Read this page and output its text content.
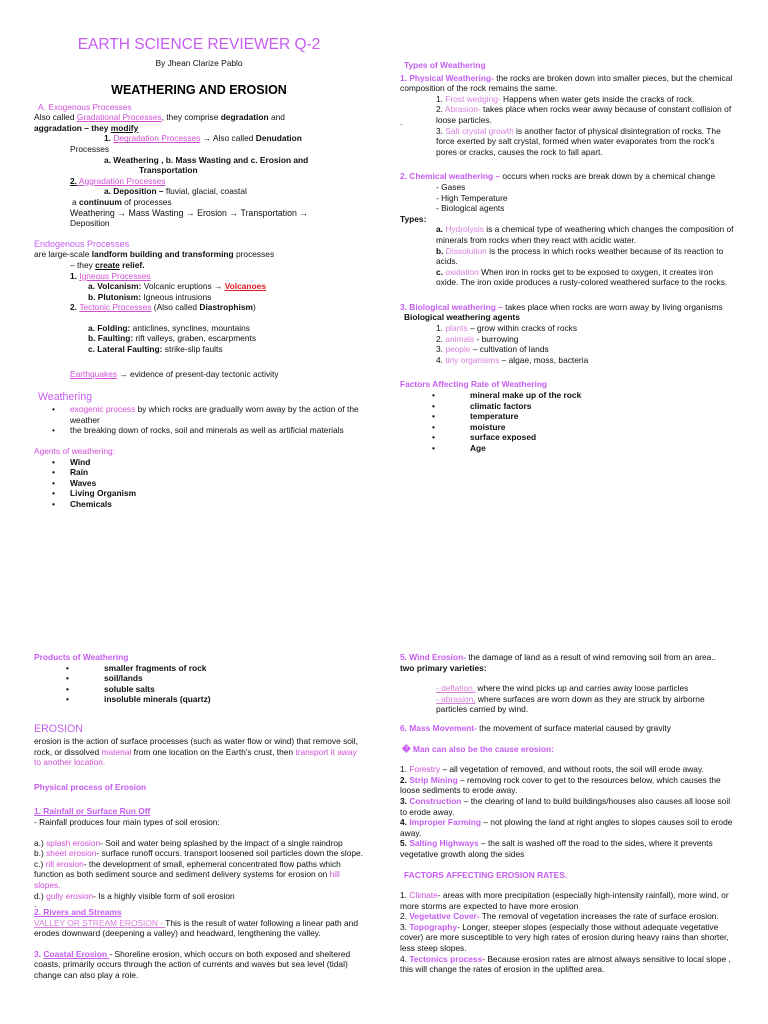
EARTH SCIENCE REVIEWER Q-2

By Jhean Clarize Pablo

WEATHERING AND EROSION

A. Exogenous Processes

Also called Gradational Processes, they comprise degradation and
aggradation – they modify

1. Degradation Processes → Also called Denudation

Processes

a. Weathering , b. Mass Wasting and c. Erosion and

Transportation

2. Aggradation Processes

a. Deposition – fluvial, glacial, coastal

a continuum of processes

Weathering → Mass Wasting → Erosion → Transportation →

Deposition

Endogenous Processes

are large-scale landform building and transforming processes

– they create relief.

1. Igneous Processes

a. Volcanism: Volcanic eruptions → Volcanoes

b. Plutonism: Igneous intrusions

2. Tectonic Processes (Also called Diastrophism)

a. Folding: anticlines, synclines, mountains

b. Faulting: rift valleys, graben, escarpments

c. Lateral Faulting: strike-slip faults

Earthquakes → evidence of present-day tectonic activity

Weathering

• exogenic process by which rocks are gradually worn away by the action of the weather
• the breaking down of rocks, soil and minerals as well as artificial materials

Agents of weathering:

• Wind
• Rain
• Waves
• Living Organism
• Chemicals

Types of Weathering

1. Physical Weathering- the rocks are broken down into smaller pieces, but the chemical composition of the rock remains the same.

1. Frost wedging- Happens when water gets inside the cracks of rock.

2. Abrasion- takes place when rocks wear away because of constant collision of loose particles.

.
3. Salt crystal growth is another factor of physical disintegration of rocks. The force exerted by salt crystal, formed when water evaporates from the rock's pores or cracks, causes the rock to fall apart.

2. Chemical weathering – occurs when rocks are break down by a chemical change

- Gases

- High Temperature

- Biological agents

Types:

a. Hydrolysis is a chemical type of weathering which changes the composition of minerals from rocks when they react with acidic water.

b. Dissolution is the process in which rocks weather because of its reaction to acids.

c. oxidation When iron in rocks get to be exposed to oxygen, it creates iron oxide. The iron oxide produces a rusty-colored weathered surface to the rocks.

3. Biological weathering – takes place when rocks are worn away by living organisms

Biological weathering agents

1. plants – grow within cracks of rocks

2. animals - burrowing

3. people – cultivation of lands

4. tiny organisms – algae, moss, bacteria

Factors Affecting Rate of Weathering

• mineral make up of the rock
• climatic factors
• temperature
• moisture
• surface exposed
• Age

Products of Weathering

• smaller fragments of rock
• soil/lands
• soluble salts
• insoluble minerals (quartz)

EROSION

erosion is the action of surface processes (such as water flow or wind) that remove soil, rock, or dissolved material from one location on the Earth's crust, then transport it away to another location.

Physical process of Erosion

1. Rainfall or Surface Run Off

- Rainfall produces four main types of soil erosion:

a.) splash erosion- Soil and water being splashed by the impact of a single raindrop

b.) sheet erosion- surface runoff occurs. transport loosened soil particles down the slope.

c.) rill erosion- the development of small, ephemeral concentrated flow paths which function as both sediment source and sediment delivery systems for erosion on hill slopes.

d.) gully erosion- Is a highly visible form of soil erosion

.

2. Rivers and Streams

VALLEY OR STREAM EROSION - This is the result of water following a linear path and erodes downward (deepening a valley) and headward, lengthening the valley.

3. Coastal Erosion - Shoreline erosion, which occurs on both exposed and sheltered coasts, primarily occurs through the action of currents and waves but sea level (tidal) change can also play a role.

5. Wind Erosion- the damage of land as a result of wind removing soil from an area..

two primary varieties:

- deflation, where the wind picks up and carries away loose particles

- abrasion, where surfaces are worn down as they are struck by airborne particles carried by wind.

6. Mass Movement- the movement of surface material caused by gravity

� Man can also be the cause erosion:

1. Forestry – all vegetation of removed, and without roots, the soil will erode away.

2. Strip Mining – removing rock cover to get to the resources below, which causes the loose sediments to erode away.

3. Construction – the clearing of land to build buildings/houses also causes all loose soil to erode away.

4. Improper Farming – not plowing the land at right angles to slopes causes soil to erode away.

5. Salting Highways – the salt is washed off the road to the sides, where it prevents vegetative growth along the sides

FACTORS AFFECTING EROSION RATES.

1. Climate- areas with more precipitation (especially high-intensity rainfall), more wind, or more storms are expected to have more erosion

2. Vegetative Cover- The removal of vegetation increases the rate of surface erosion.

3. Topography- Longer, steeper slopes (especially those without adequate vegetative cover) are more susceptible to very high rates of erosion during heavy rains than shorter, less steep slopes.

4. Tectonics process- Because erosion rates are almost always sensitive to local slope , this will change the rates of erosion in the uplifted area.
